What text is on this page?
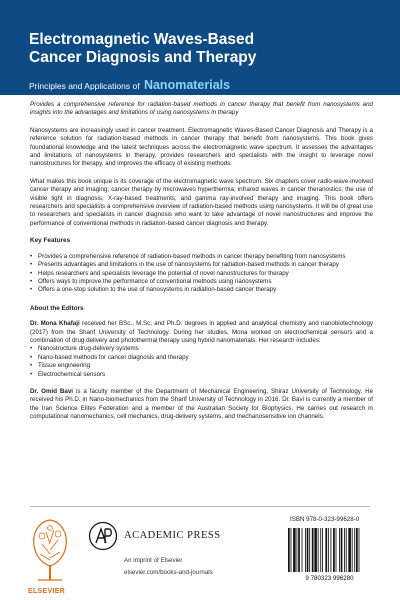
Electromagnetic Waves-Based
Cancer Diagnosis and Therapy
Principles and Applications of Nanomaterials

Provides a comprehensive reference for radiation-based methods in cancer therapy that benefit from nanosystems and insights into the advantages and limitations of using nanosystems in therapy

Nanosystems are increasingly used in cancer treatment. Electromagnetic Waves-Based Cancer Diagnosis and Therapy is a reference solution for radiation-based methods in cancer therapy that benefit from nanosystems. This book gives foundational knowledge and the latest techniques across the electromagnetic wave spectrum. It assesses the advantages and limitations of nanosystems in therapy, provides researchers and specialists with the insight to leverage novel nanostructures for therapy, and improves the efficacy of existing methods.

What makes this book unique is its coverage of the electromagnetic wave spectrum. Six chapters cover radio-wave-involved cancer therapy and imaging; cancer therapy by microwaves hyperthermia; infrared waves in cancer theranostics; the use of visible light in diagnosis; X-ray-based treatments; and gamma ray-involved therapy and imaging. This book offers researchers and specialists a comprehensive overview of radiation-based methods using nanosystems. It will be of great use to researchers and specialists in cancer diagnosis who want to take advantage of novel nanostructures and improve the performance of conventional methods in radiation-based cancer diagnosis and therapy.

Key Features
• Provides a comprehensive reference of radiation-based methods in cancer therapy benefiting from nanosystems
• Presents advantages and limitations in the use of nanosystems for radiation-based methods in cancer therapy
• Helps researchers and specialists leverage the potential of novel nanostructures for therapy
• Offers ways to improve the performance of conventional methods using nanosystems
• Offers a one-stop solution to the use of nanosystems in radiation-based cancer therapy
About the Editors

Dr. Mona Khafaji received her BSc., M.Sc, and Ph.D. degrees in applied and analytical chemistry and nanobiotechnology (2017) from the Sharif University of Technology. During her studies, Mona worked on electrochemical sensors and a combination of drug delivery and photothermal therapy using hybrid nanomaterials. Her research includes:

• Nanostructure drug-delivery systems
• Nano-based methods for cancer diagnosis and therapy
• Tissue engineering
• Electrochemical sensors

Dr. Omid Bavi is a faculty member of the Department of Mechanical Engineering, Shiraz University of Technology. He received his Ph.D. in Nano-biomechanics from the Sharif University of Technology in 2016. Dr. Bavi is currently a member of the Iran Science Elites Federation and a member of the Australian Society for Biophysics. He carries out research in computational nanomechanics, cell mechanics, drug-delivery systems, and mechanosensitive ion channels.

ELSEVIER
ACADEMIC PRESS
An imprint of Elsevier
elsevier.com/books-and-journals
ISBN 978-0-323-99628-0
9 780323 996280
